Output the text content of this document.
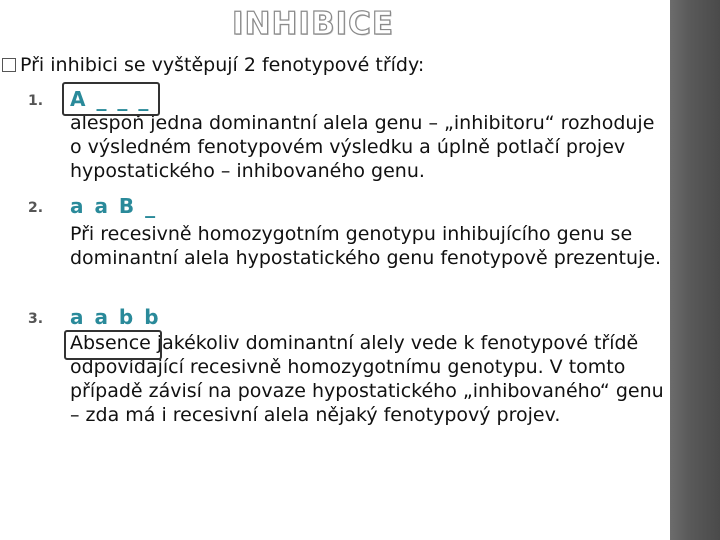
INHIBICE
Při inhibici se vyštěpují 2 fenotypové třídy:
1. A _ _ _
alespoň jedna dominantní alela genu – „inhibitoru“ rozhoduje o výsledném fenotypovém výsledku a úplně potlačí projev hypostatického – inhibovaného genu.
2. a a B _
Při recesivně homozygotním genotypu inhibujícího genu se dominantní alela hypostatického genu fenotypově prezentuje.
3. a a b b
Absence jakékoliv dominantní alely vede k fenotypové třídě odpovídající recesivně homozygotnímu genotypu. V tomto případě závisí na povaze hypostatického „inhibovaného“ genu – zda má i recesivní alela nějaký fenotypový projev.
